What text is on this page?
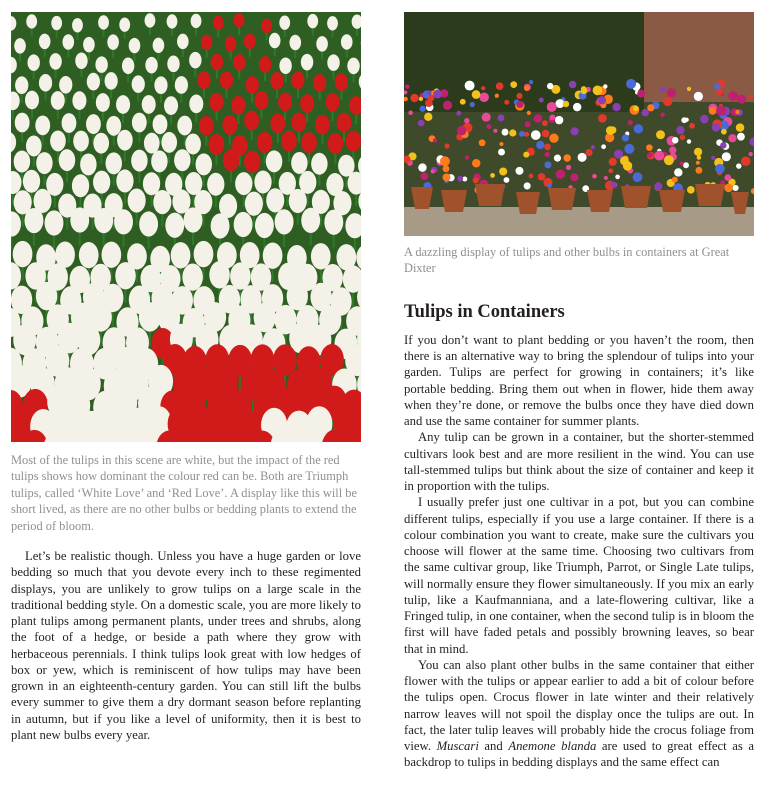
Most of the tulips in this scene are white, but the impact of the red tulips shows how dominant the colour red can be. Both are Triumph tulips, called ‘White Love’ and ‘Red Love’. A display like this will be short lived, as there are no other bulbs or bedding plants to extend the period of bloom.

Let’s be realistic though. Unless you have a huge garden or love bedding so much that you devote every inch to these regimented displays, you are unlikely to grow tulips on a large scale in the traditional bedding style. On a domestic scale, you are more likely to plant tulips among permanent plants, under trees and shrubs, along the foot of a hedge, or beside a path where they grow with herbaceous perennials. I think tulips look great with low hedges of box or yew, which is reminiscent of how tulips may have been grown in an eighteenth-century garden. You can still lift the bulbs every summer to give them a dry dormant season before replanting in autumn, but if you like a level of uniformity, then it is best to plant new bulbs every year.

A dazzling display of tulips and other bulbs in containers at Great Dixter

Tulips in Containers

If you don’t want to plant bedding or you haven’t the room, then there is an alternative way to bring the splendour of tulips into your garden. Tulips are perfect for growing in containers; it’s like portable bedding. Bring them out when in flower, hide them away when they’re done, or remove the bulbs once they have died down and use the same container for summer plants.

Any tulip can be grown in a container, but the shorter-stemmed cultivars look best and are more resilient in the wind. You can use tall-stemmed tulips but think about the size of container and keep it in proportion with the tulips.

I usually prefer just one cultivar in a pot, but you can combine different tulips, especially if you use a large container. If there is a colour combination you want to create, make sure the cultivars you choose will flower at the same time. Choosing two cultivars from the same cultivar group, like Triumph, Parrot, or Single Late tulips, will normally ensure they flower simultaneously. If you mix an early tulip, like a Kaufmanniana, and a late-flowering cultivar, like a Fringed tulip, in one container, when the second tulip is in bloom the first will have faded petals and possibly browning leaves, so bear that in mind.

You can also plant other bulbs in the same container that either flower with the tulips or appear earlier to add a bit of colour before the tulips open. Crocus flower in late winter and their relatively narrow leaves will not spoil the display once the tulips are out. In fact, the later tulip leaves will probably hide the crocus foliage from view. Muscari and Anemone blanda are used to great effect as a backdrop to tulips in bedding displays and the same effect can
